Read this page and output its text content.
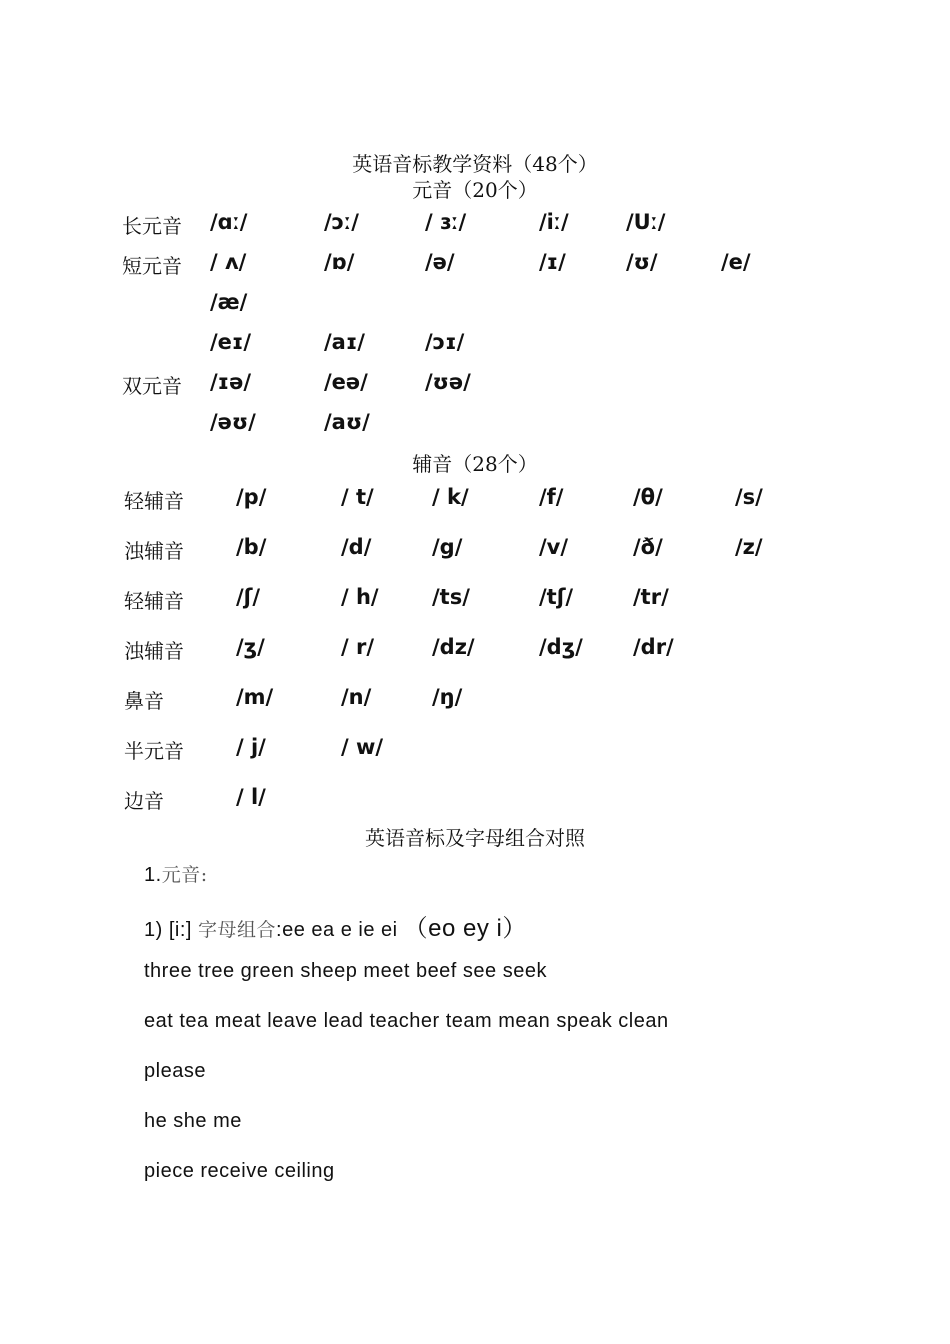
英语音标教学资料（48个）
元音（20个）
长元音 /ɑː/	/ɔː/	/ ɜː/	/iː/	/Uː/
短元音 / ʌ/	/ɒ/	/ə/	/ɪ/	/ʊ/	/e/
/æ/
/eɪ/	/aɪ/	/ɔɪ/
双元音 /ɪə/	/eə/	/ʊə/
/əʊ/	/aʊ/
辅音（28个）
轻辅音 /p/	/ t/	/ k/	/f/	/θ/	/s/
浊辅音 /b/	/d/	/g/	/v/	/ð/	/z/
轻辅音 /ʃ/	/ h/	/ts/	/tʃ/	/tr/
浊辅音 /ʒ/	/ r/	/dz/	/dʒ/ /dr/
鼻音	/m/	/n/	/ŋ/
半元音 / j/	/ w/
边音	/ l/
英语音标及字母组合对照
1.元音:
1) [i:] 字母组合:ee ea e ie ei （eo ey i）
three tree green sheep meet beef see seek
eat tea meat leave lead teacher team mean speak clean
please
he she me
piece receive ceiling
